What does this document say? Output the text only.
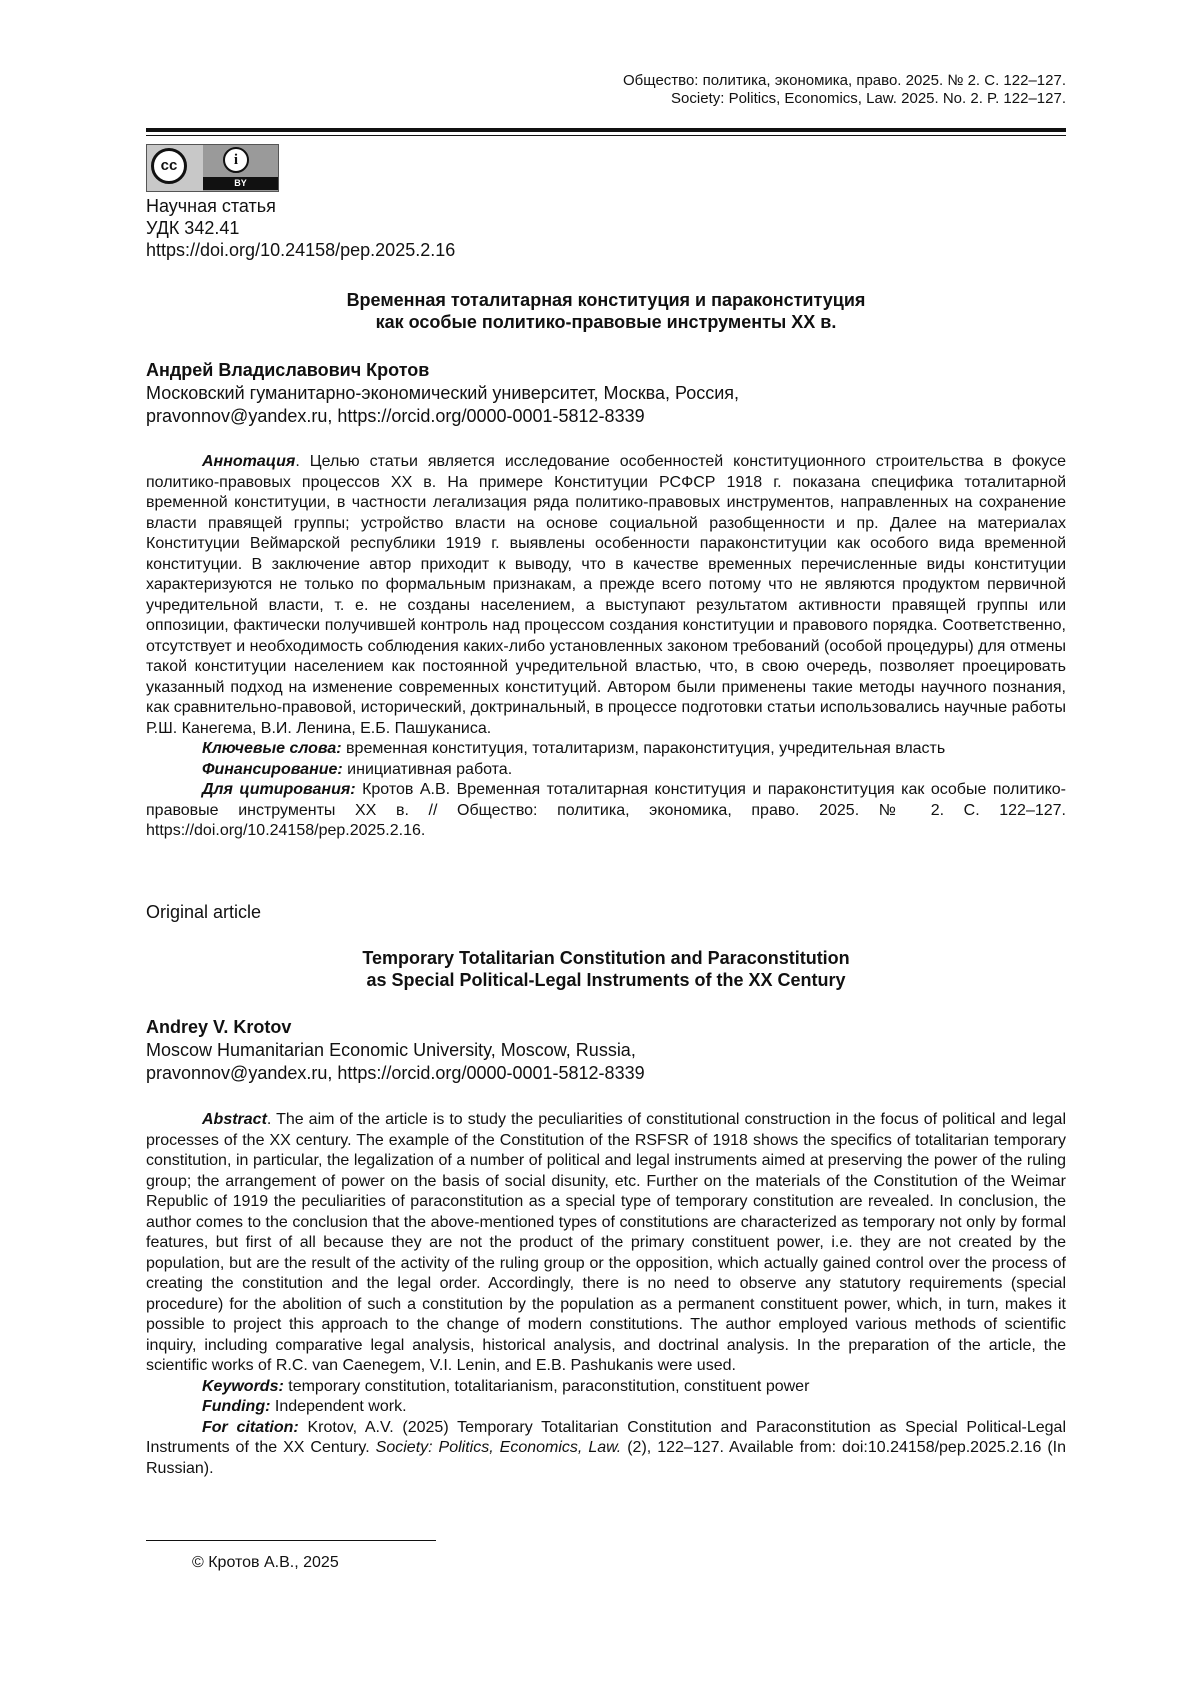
Общество: политика, экономика, право. 2025. № 2. С. 122–127.
Society: Politics, Economics, Law. 2025. No. 2. P. 122–127.
cc	i
BY
Научная статья
УДК 342.41
https://doi.org/10.24158/pep.2025.2.16
Временная тоталитарная конституция и параконституция
как особые политико-правовые инструменты XX в.
Андрей Владиславович Кротов
Московский гуманитарно-экономический университет, Москва, Россия,
pravonnov@yandex.ru, https://orcid.org/0000-0001-5812-8339

Аннотация. Целью статьи является исследование особенностей конституционного строительства в фокусе политико-правовых процессов XX в. На примере Конституции РСФСР 1918 г. показана специфика тоталитарной временной конституции, в частности легализация ряда политико-правовых инструментов, направленных на сохранение власти правящей группы; устройство власти на основе социальной разобщенности и пр. Далее на материалах Конституции Веймарской республики 1919 г. выявлены особенности параконституции как особого вида временной конституции. В заключение автор приходит к выводу, что в качестве временных перечисленные виды конституции характеризуются не только по формальным признакам, а прежде всего потому что не являются продуктом первичной учредительной власти, т. е. не созданы населением, а выступают результатом активности правящей группы или оппозиции, фактически получившей контроль над процессом создания конституции и правового порядка. Соответственно, отсутствует и необходимость соблюдения каких-либо установленных законом требований (особой процедуры) для отмены такой конституции населением как постоянной учредительной властью, что, в свою очередь, позволяет проецировать указанный подход на изменение современных конституций. Автором были применены такие методы научного познания, как сравнительно-правовой, исторический, доктринальный, в процессе подготовки статьи использовались научные работы Р.Ш. Канегема, В.И. Ленина, Е.Б. Пашуканиса.

Ключевые слова: временная конституция, тоталитаризм, параконституция, учредительная власть

Финансирование: инициативная работа.

Для цитирования: Кротов А.В. Временная тоталитарная конституция и параконституция как особые политико-правовые инструменты XX в. // Общество: политика, экономика, право. 2025. № 2. С. 122–127. https://doi.org/10.24158/pep.2025.2.16.

Original article
Temporary Totalitarian Constitution and Paraconstitution
as Special Political-Legal Instruments of the XX Century
Andrey V. Krotov
Moscow Humanitarian Economic University, Moscow, Russia,
pravonnov@yandex.ru, https://orcid.org/0000-0001-5812-8339

Abstract. The aim of the article is to study the peculiarities of constitutional construction in the focus of political and legal processes of the XX century. The example of the Constitution of the RSFSR of 1918 shows the specifics of totalitarian temporary constitution, in particular, the legalization of a number of political and legal instruments aimed at preserving the power of the ruling group; the arrangement of power on the basis of social disunity, etc. Further on the materials of the Constitution of the Weimar Republic of 1919 the peculiarities of paraconstitution as a special type of temporary constitution are revealed. In conclusion, the author comes to the conclusion that the above-mentioned types of constitutions are characterized as temporary not only by formal features, but first of all because they are not the product of the primary constituent power, i.e. they are not created by the population, but are the result of the activity of the ruling group or the opposition, which actually gained control over the process of creating the constitution and the legal order. Accordingly, there is no need to observe any statutory requirements (special procedure) for the abolition of such a constitution by the population as a permanent constituent power, which, in turn, makes it possible to project this approach to the change of modern constitutions. The author employed various methods of scientific inquiry, including comparative legal analysis, historical analysis, and doctrinal analysis. In the preparation of the article, the scientific works of R.C. van Caenegem, V.I. Lenin, and E.B. Pashukanis were used.

Keywords: temporary constitution, totalitarianism, paraconstitution, constituent power

Funding: Independent work.

For citation: Krotov, A.V. (2025) Temporary Totalitarian Constitution and Paraconstitution as Special Political-Legal Instruments of the XX Century. Society: Politics, Economics, Law. (2), 122–127. Available from: doi:10.24158/pep.2025.2.16 (In Russian).

© Кротов А.В., 2025
